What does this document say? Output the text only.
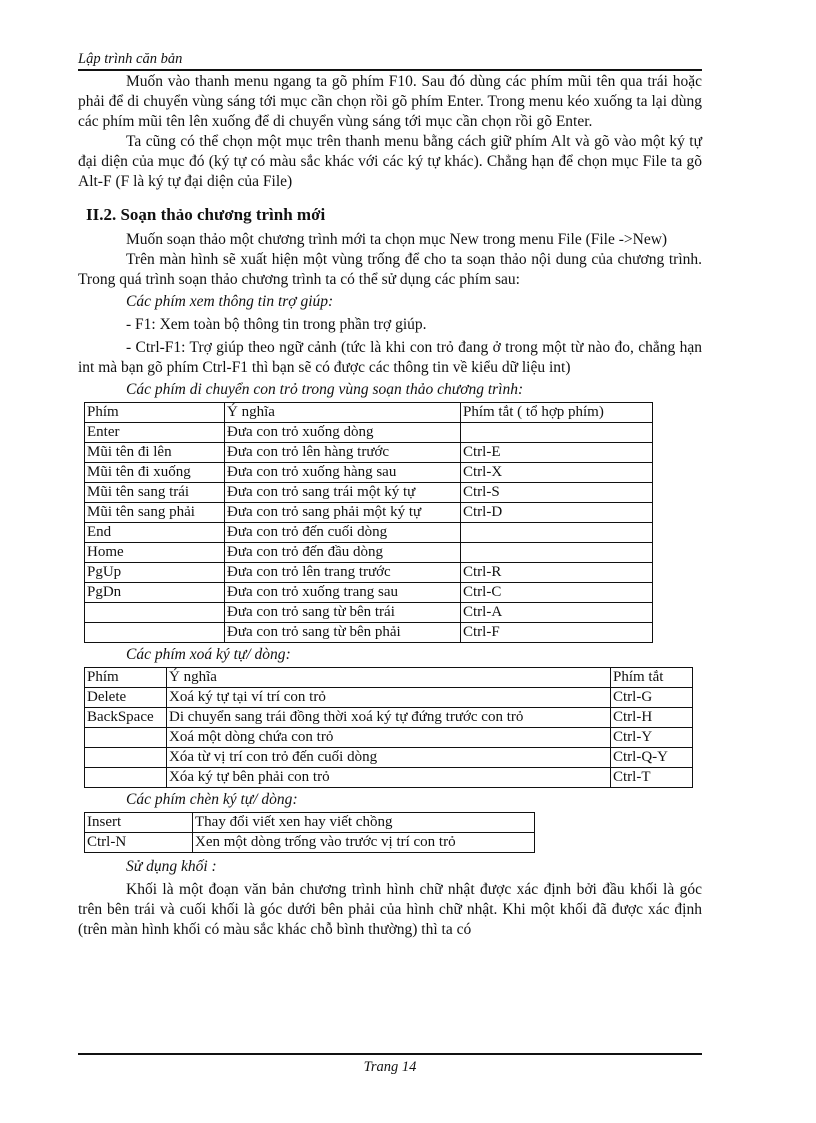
Lập trình căn bản

Muốn vào thanh menu ngang ta gõ phím F10. Sau đó dùng các phím mũi tên qua trái hoặc phải để di chuyển vùng sáng tới mục cần chọn rồi gõ phím Enter. Trong menu kéo xuống ta lại dùng các phím mũi tên lên xuống để di chuyển vùng sáng tới mục cần chọn rồi gõ Enter.

Ta cũng có thể chọn một mục trên thanh menu bằng cách giữ phím Alt và gõ vào một ký tự đại diện của mục đó (ký tự có màu sắc khác với các ký tự khác). Chẳng hạn để chọn mục File ta gõ Alt-F (F là ký tự đại diện của File)

II.2. Soạn thảo chương trình mới

Muốn soạn thảo một chương trình mới ta chọn mục New trong menu File (File ->New)

Trên màn hình sẽ xuất hiện một vùng trống để cho ta soạn thảo nội dung của chương trình. Trong quá trình soạn thảo chương trình ta có thể sử dụng các phím sau:

Các phím xem thông tin trợ giúp:

- F1: Xem toàn bộ thông tin trong phần trợ giúp.

- Ctrl-F1: Trợ giúp theo ngữ cảnh (tức là khi con trỏ đang ở trong một từ nào đo, chẳng hạn int mà bạn gõ phím Ctrl-F1 thì bạn sẽ có được các thông tin về kiểu dữ liệu int)

Các phím di chuyển con trỏ trong vùng soạn thảo chương trình:

Phím	Ý nghĩa	Phím tắt ( tổ hợp phím)
Enter	Đưa con trỏ xuống dòng	
Mũi tên đi lên	Đưa con trỏ lên hàng trước	Ctrl-E
Mũi tên đi xuống	Đưa con trỏ xuống hàng sau	Ctrl-X
Mũi tên sang trái	Đưa con trỏ sang trái một ký tự	Ctrl-S
Mũi tên sang phải	Đưa con trỏ sang phải một ký tự	Ctrl-D
End	Đưa con trỏ đến cuối dòng	
Home	Đưa con trỏ đến đầu dòng	
PgUp	Đưa con trỏ lên trang trước	Ctrl-R
PgDn	Đưa con trỏ xuống trang sau	Ctrl-C
	Đưa con trỏ sang từ bên trái	Ctrl-A
	Đưa con trỏ sang từ bên phải	Ctrl-F

Các phím xoá ký tự/ dòng:

Phím	Ý nghĩa	Phím tắt
Delete	Xoá ký tự tại ví trí con trỏ	Ctrl-G
BackSpace	Di chuyển sang trái đồng thời xoá ký tự đứng trước con trỏ	Ctrl-H
	Xoá một dòng chứa con trỏ	Ctrl-Y
	Xóa từ vị trí con trỏ đến cuối dòng	Ctrl-Q-Y
	Xóa ký tự bên phải con trỏ	Ctrl-T

Các phím chèn ký tự/ dòng:

Insert	Thay đổi viết xen hay viết chồng
Ctrl-N	Xen một dòng trống vào trước vị trí con trỏ

Sử dụng khối :

Khối là một đoạn văn bản chương trình hình chữ nhật được xác định bởi đầu khối là góc trên bên trái và cuối khối là góc dưới bên phải của hình chữ nhật. Khi một khối đã được xác định (trên màn hình khối có màu sắc khác chỗ bình thường) thì ta có

Trang 14
